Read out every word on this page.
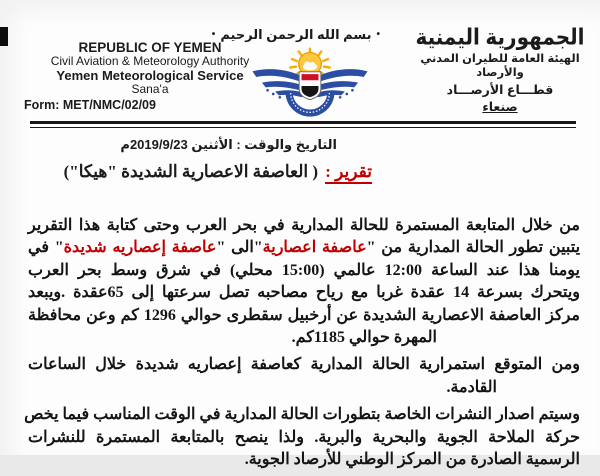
REPUBLIC OF YEMEN
Civil Aviation & Meteorology Authority
Yemen Meteorological Service
Sana'a
Form: MET/NMC/02/09
•بسم الله الرحمن الرحيم•	الجمهورية اليمنية
الهيئة العامة للطيران المدني والأرصاد
قطـــاع الأرصـــاد
صنعاء
التاريخ والوقت : الأثنين 2019/9/23م
تقرير : ( العاصفة الاعصارية الشديدة "هيكا")
من خلال المتابعة المستمرة للحالة المدارية في بحر العرب وحتى كتابة هذا التقرير
يتبين تطور الحالة المدارية من "عاصفة اعصارية"الى "عاصفة إعصاريه شديدة" في
يومنا هذا عند الساعة 12:00 عالمي (15:00 محلي) في شرق وسط بحر العرب
ويتحرك بسرعة 14 عقدة غربا مع رياح مصاحبه تصل سرعتها إلى 65عقدة .ويبعد
مركز العاصفة الاعصارية الشديدة عن أرخبيل سقطرى حوالي 1296 كم وعن محافظة
المهرة حوالي 1185كم.
ومن المتوقع استمرارية الحالة المدارية كعاصفة إعصاريه شديدة خلال الساعات
القادمة.
وسيتم اصدار النشرات الخاصة بتطورات الحالة المدارية في الوقت المناسب فيما يخص
حركة الملاحة الجوية والبحرية والبرية. ولذا ينصح بالمتابعة المستمرة للنشرات
الرسمية الصادرة من المركز الوطني للأرصاد الجوية.
